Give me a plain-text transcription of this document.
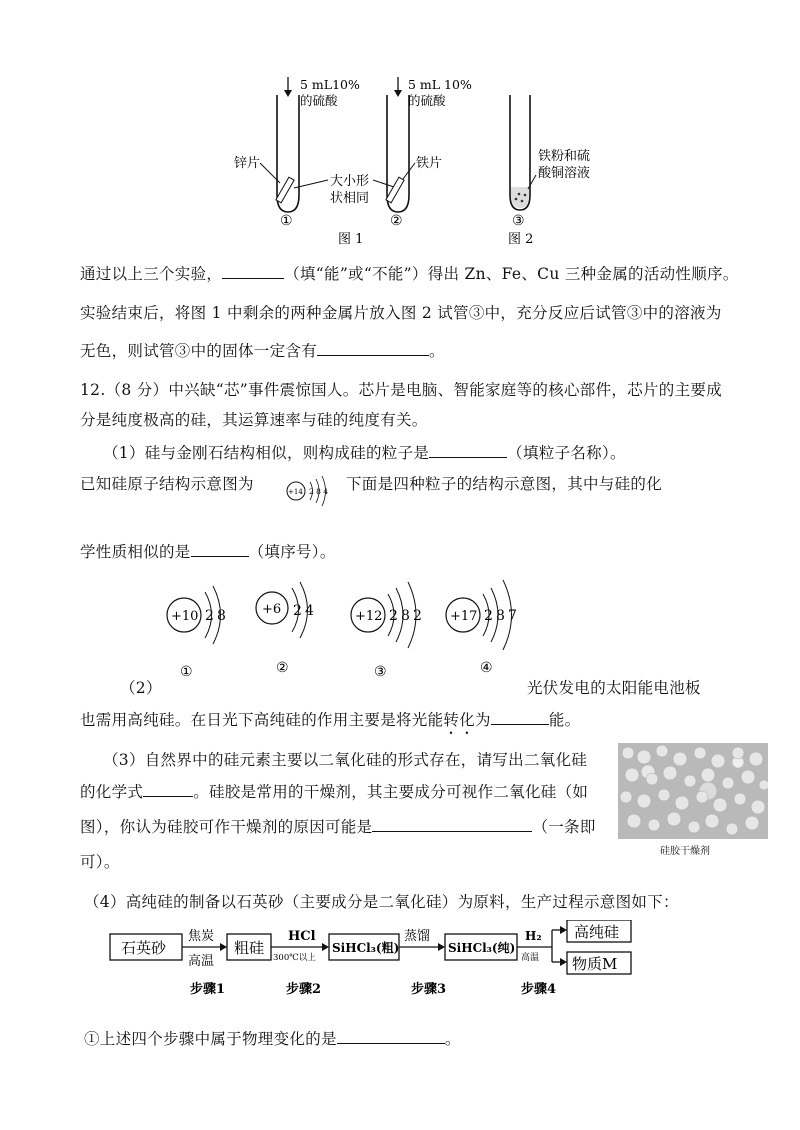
5 mL10%
的硫酸
锌片
①
大小形
状相同
5 mL 10%
的硫酸
铁片
②
铁粉和硫
酸铜溶液
③
图 1	图 2
通过以上三个实验，	（填“能”或“不能”）得出 Zn、Fe、Cu 三种金属的活动性顺序。
实验结束后，将图 1 中剩余的两种金属片放入图 2 试管③中，充分反应后试管③中的溶液为
无色，则试管③中的固体一定含有	。
12.（8 分）中兴缺“芯”事件震惊国人。芯片是电脑、智能家庭等的核心部件，芯片的主要成
分是纯度极高的硅，其运算速率与硅的纯度有关。
（1）硅与金刚石结构相似，则构成硅的粒子是	（填粒子名称）。
已知硅原子结构示意图为	下面是四种粒子的结构示意图，其中与硅的化
+14 2 8 4
学性质相似的是	（填序号）。
+10 2 8
①
+6 2 4
②
+12 2 8 2
③
+17 2 8 7
④
（2）	光伏发电的太阳能电池板
也需用高纯硅。在日光下高纯硅的作用主要是将光能转化为	能。
（3）自然界中的硅元素主要以二氧化硅的形式存在，请写出二氧化硅
的化学式	。硅胶是常用的干燥剂，其主要成分可视作二氧化硅（如
图），你认为硅胶可作干燥剂的原因可能是	（一条即
可）。
硅胶干燥剂
（4）高纯硅的制备以石英砂（主要成分是二氧化硅）为原料，生产过程示意图如下：
石英砂
焦炭
高温
粗硅
HCl
300℃以上
SiHCl₃(粗)
蒸馏
SiHCl₃(纯)
H₂
高温
高纯硅
物质M
步骤1	步骤2	步骤3	步骤4
①上述四个步骤中属于物理变化的是	。
